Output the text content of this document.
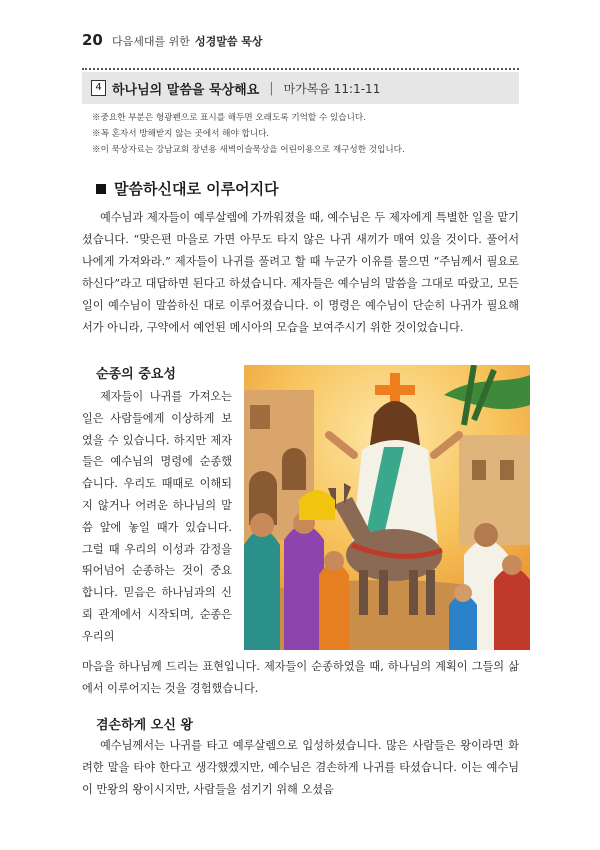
20 다음세대를 위한 성경말씀 묵상
4 하나님의 말씀을 묵상해요 | 마가복음 11:1-11
※중요한 부분은 형광펜으로 표시를 해두면 오래도록 기억할 수 있습니다.
※꼭 혼자서 방해받지 않는 곳에서 해야 합니다.
※이 묵상자료는 강남교회 장년용 새벽이슬묵상을 어린이용으로 재구성한 것입니다.
말씀하신대로 이루어지다

예수님과 제자들이 예루살렘에 가까워졌을 때, 예수님은 두 제자에게 특별한 일을 맡기셨습니다. “맞은편 마을로 가면 아무도 타지 않은 나귀 새끼가 매여 있을 것이다. 풀어서 나에게 가져와라.” 제자들이 나귀를 풀려고 할 때 누군가 이유를 물으면 “주님께서 필요로 하신다”라고 대답하면 된다고 하셨습니다. 제자들은 예수님의 말씀을 그대로 따랐고, 모든 일이 예수님이 말씀하신 대로 이루어졌습니다. 이 명령은 예수님이 단순히 나귀가 필요해서가 아니라, 구약에서 예언된 메시아의 모습을 보여주시기 위한 것이었습니다.

순종의 중요성

제자들이 나귀를 가져오는 일은 사람들에게 이상하게 보였을 수 있습니다. 하지만 제자들은 예수님의 명령에 순종했습니다. 우리도 때때로 이해되지 않거나 어려운 하나님의 말씀 앞에 놓일 때가 있습니다. 그럴 때 우리의 이성과 감정을 뛰어넘어 순종하는 것이 중요합니다. 믿음은 하나님과의 신뢰 관계에서 시작되며, 순종은 우리의

마음을 하나님께 드리는 표현입니다. 제자들이 순종하였을 때, 하나님의 계획이 그들의 삶에서 이루어지는 것을 경험했습니다.

겸손하게 오신 왕

예수님께서는 나귀를 타고 예루살렘으로 입성하셨습니다. 많은 사람들은 왕이라면 화려한 말을 타야 한다고 생각했겠지만, 예수님은 겸손하게 나귀를 타셨습니다. 이는 예수님이 만왕의 왕이시지만, 사람들을 섬기기 위해 오셨음
